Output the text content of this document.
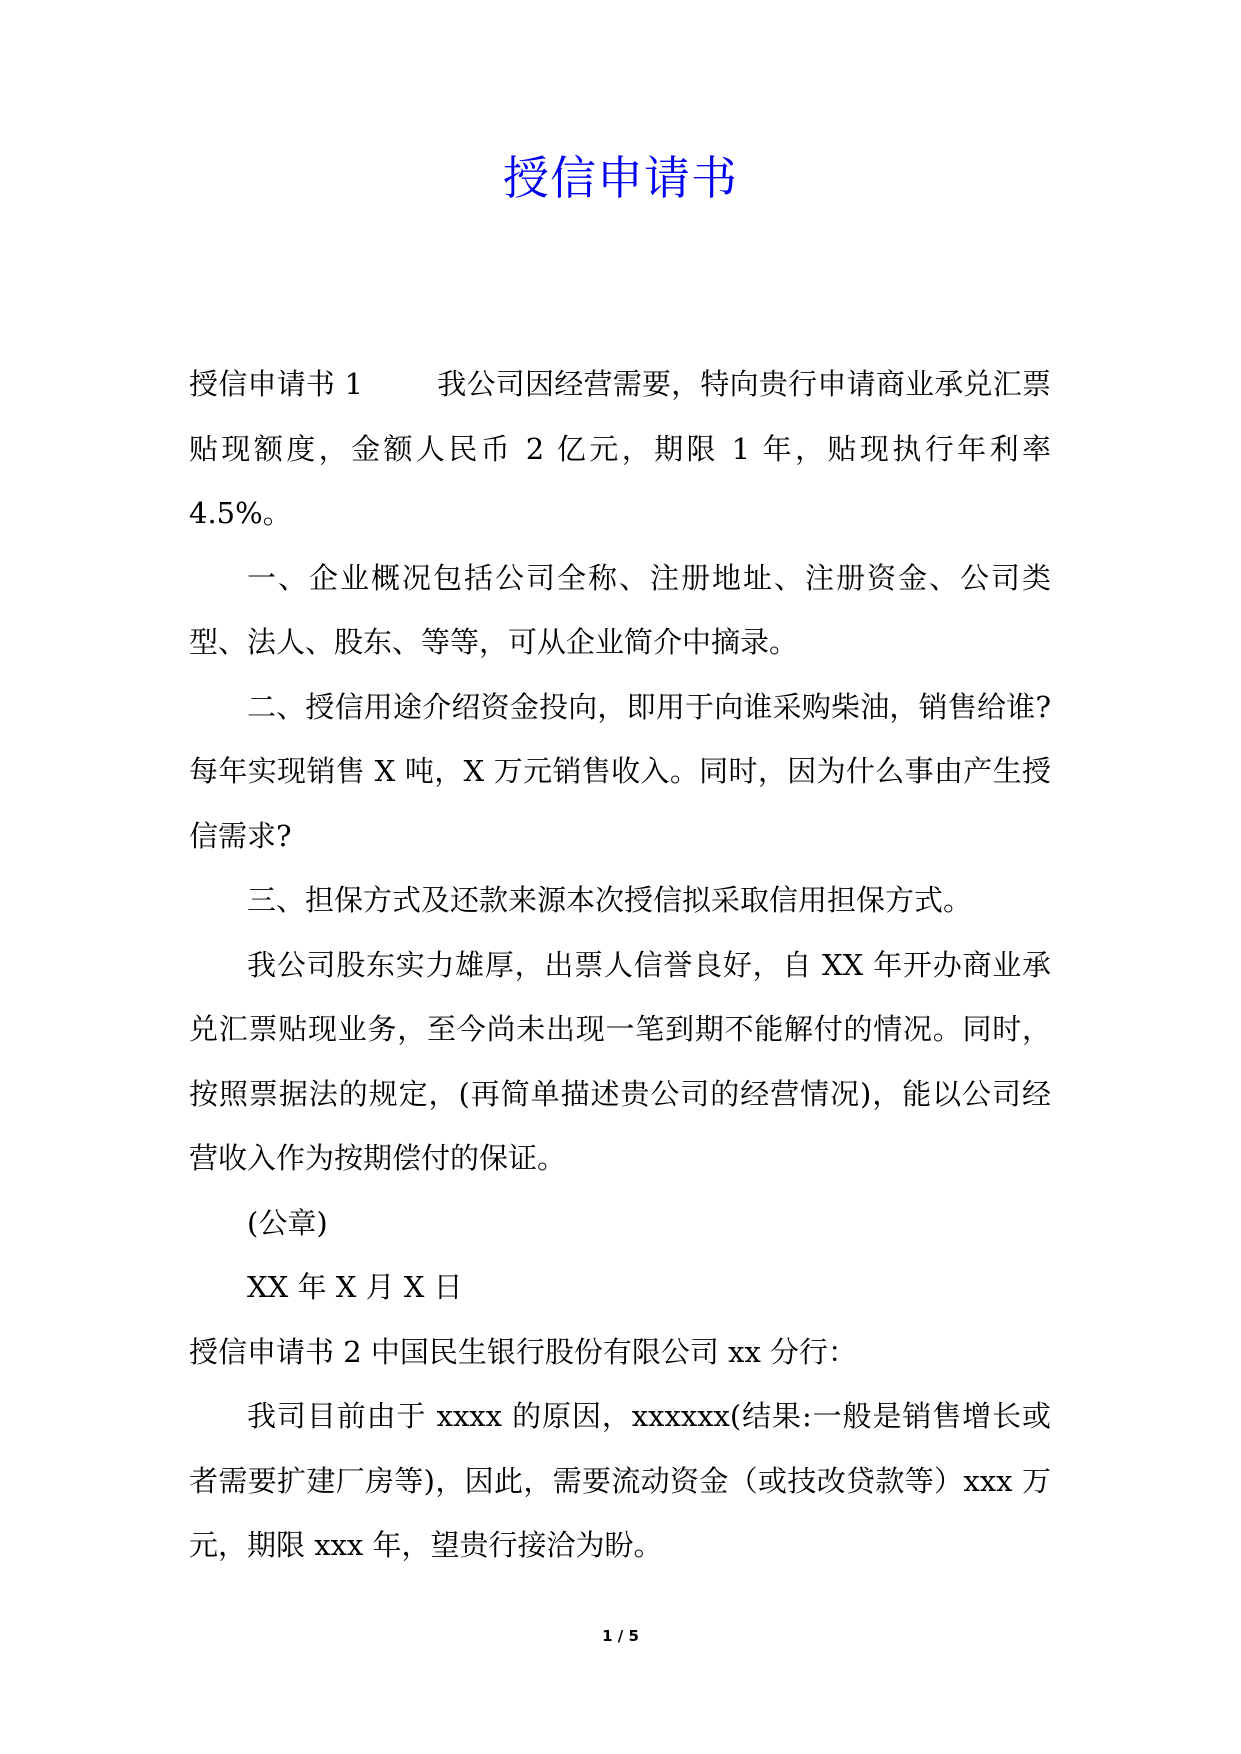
授信申请书

授信申请书 1	我公司因经营需要，特向贵行申请商业承兑汇票贴现额度，金额人民币 2 亿元，期限 1 年，贴现执行年利率 4.5%。

一、企业概况包括公司全称、注册地址、注册资金、公司类型、法人、股东、等等，可从企业简介中摘录。

二、授信用途介绍资金投向，即用于向谁采购柴油，销售给谁?每年实现销售 X 吨，X 万元销售收入。同时，因为什么事由产生授信需求?

三、担保方式及还款来源本次授信拟采取信用担保方式。

我公司股东实力雄厚，出票人信誉良好，自 XX 年开办商业承兑汇票贴现业务，至今尚未出现一笔到期不能解付的情况。同时，按照票据法的规定，(再简单描述贵公司的经营情况)，能以公司经营收入作为按期偿付的保证。

(公章)

XX 年 X 月 X 日

授信申请书 2 中国民生银行股份有限公司 xx 分行：

我司目前由于 xxxx 的原因，xxxxxx(结果:一般是销售增长或者需要扩建厂房等)，因此，需要流动资金（或技改贷款等）xxx 万元，期限 xxx 年，望贵行接洽为盼。

1 / 5
